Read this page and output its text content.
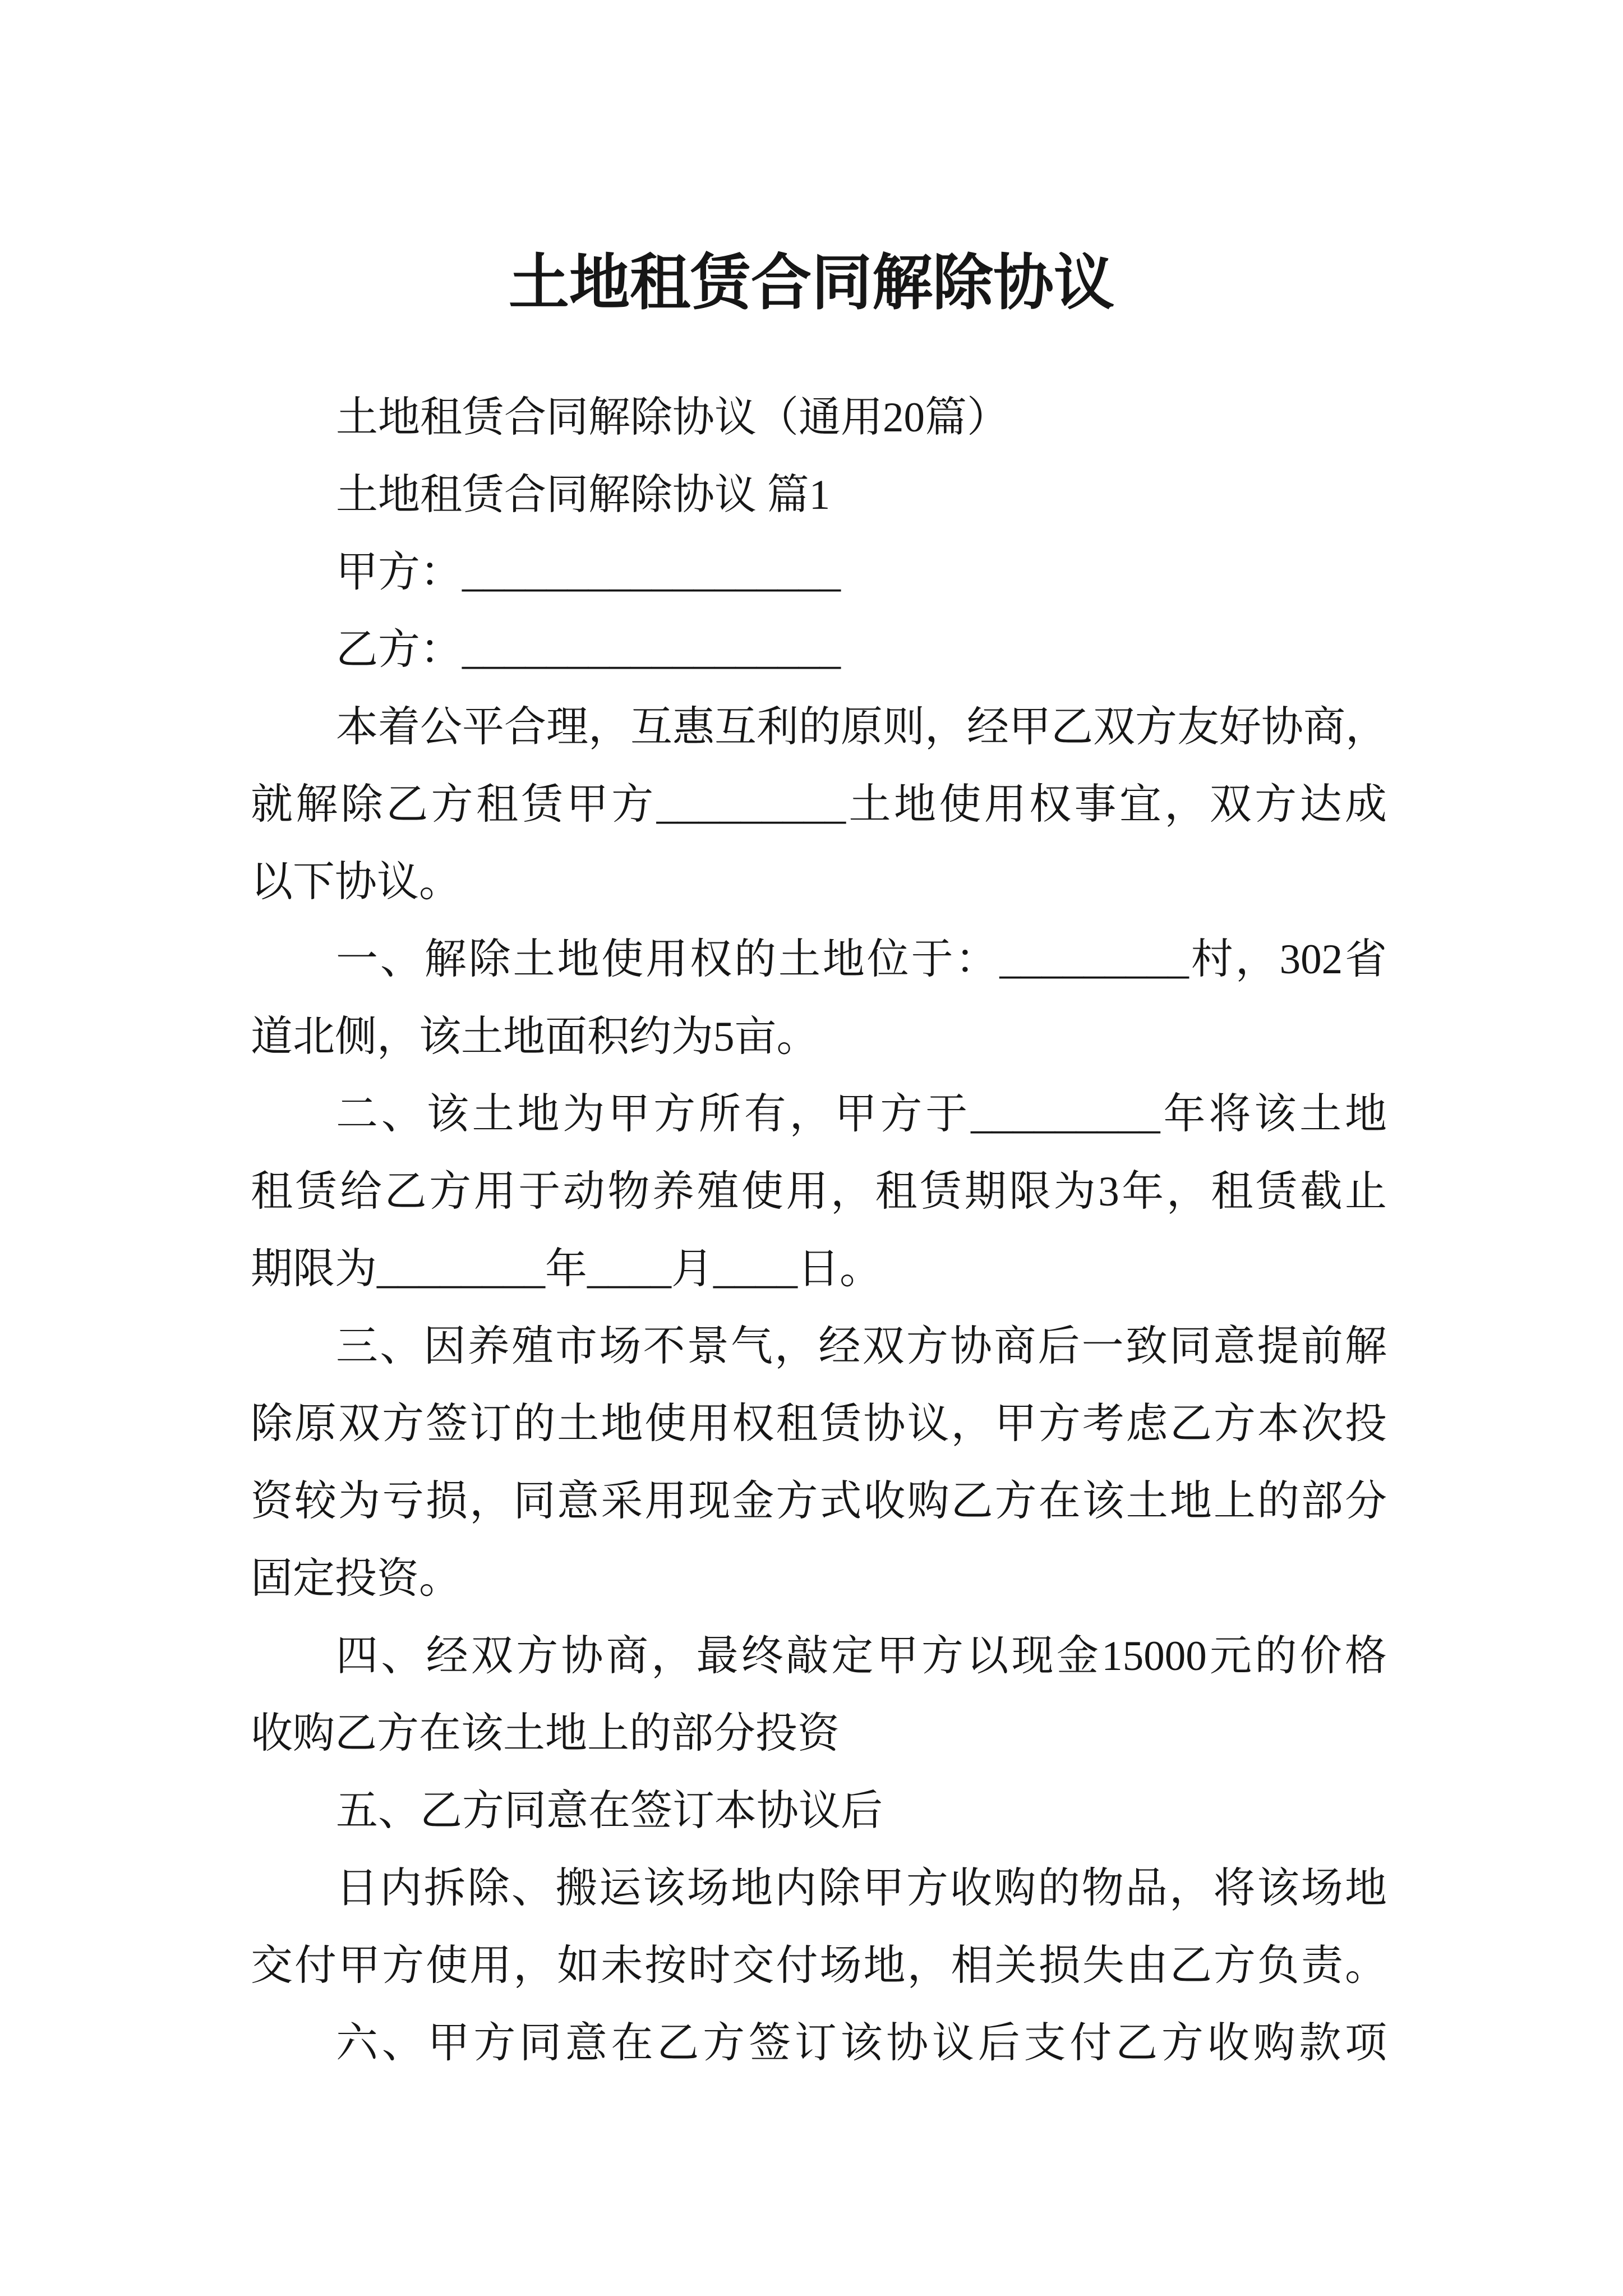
土地租赁合同解除协议
土地租赁合同解除协议（通用20篇）
土地租赁合同解除协议 篇1
甲方：__________________
乙方：__________________
本着公平合理，互惠互利的原则，经甲乙双方友好协商，
就解除乙方租赁甲方_________土地使用权事宜，双方达成
以下协议。
一、解除土地使用权的土地位于：_________村，302省
道北侧，该土地面积约为5亩。
二、该土地为甲方所有，甲方于_________年将该土地
租赁给乙方用于动物养殖使用，租赁期限为3年，租赁截止
期限为________年____月____日。
三、因养殖市场不景气，经双方协商后一致同意提前解
除原双方签订的土地使用权租赁协议，甲方考虑乙方本次投
资较为亏损，同意采用现金方式收购乙方在该土地上的部分
固定投资。
四、经双方协商，最终敲定甲方以现金15000元的价格
收购乙方在该土地上的部分投资
五、乙方同意在签订本协议后
日内拆除、搬运该场地内除甲方收购的物品，将该场地
交付甲方使用，如未按时交付场地，相关损失由乙方负责。
六、甲方同意在乙方签订该协议后支付乙方收购款项
